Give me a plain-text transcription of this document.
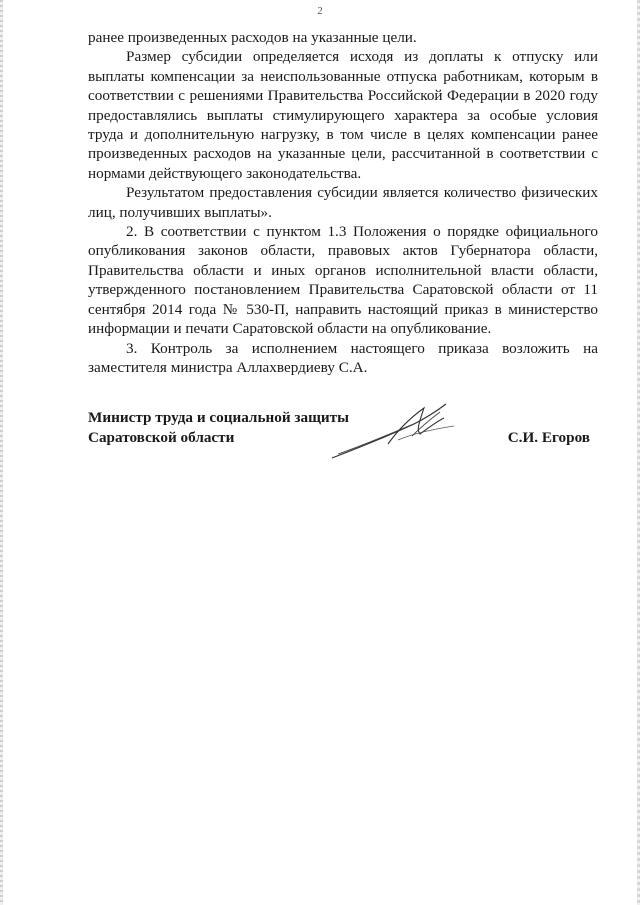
2

ранее произведенных расходов на указанные цели.

Размер субсидии определяется исходя из доплаты к отпуску или выплаты компенсации за неиспользованные отпуска работникам, которым в соответствии с решениями Правительства Российской Федерации в 2020 году предоставлялись выплаты стимулирующего характера за особые условия труда и дополнительную нагрузку, в том числе в целях компенсации ранее произведенных расходов на указанные цели, рассчитанной в соответствии с нормами действующего законодательства.

Результатом предоставления субсидии является количество физических лиц, получивших выплаты».

2. В соответствии с пунктом 1.3 Положения о порядке официального опубликования законов области, правовых актов Губернатора области, Правительства области и иных органов исполнительной власти области, утвержденного постановлением Правительства Саратовской области от 11 сентября 2014 года № 530-П, направить настоящий приказ в министерство информации и печати Саратовской области на опубликование.

3. Контроль за исполнением настоящего приказа возложить на заместителя министра Аллахвердиеву С.А.

Министр труда и социальной защиты
Саратовской области	С.И. Егоров
